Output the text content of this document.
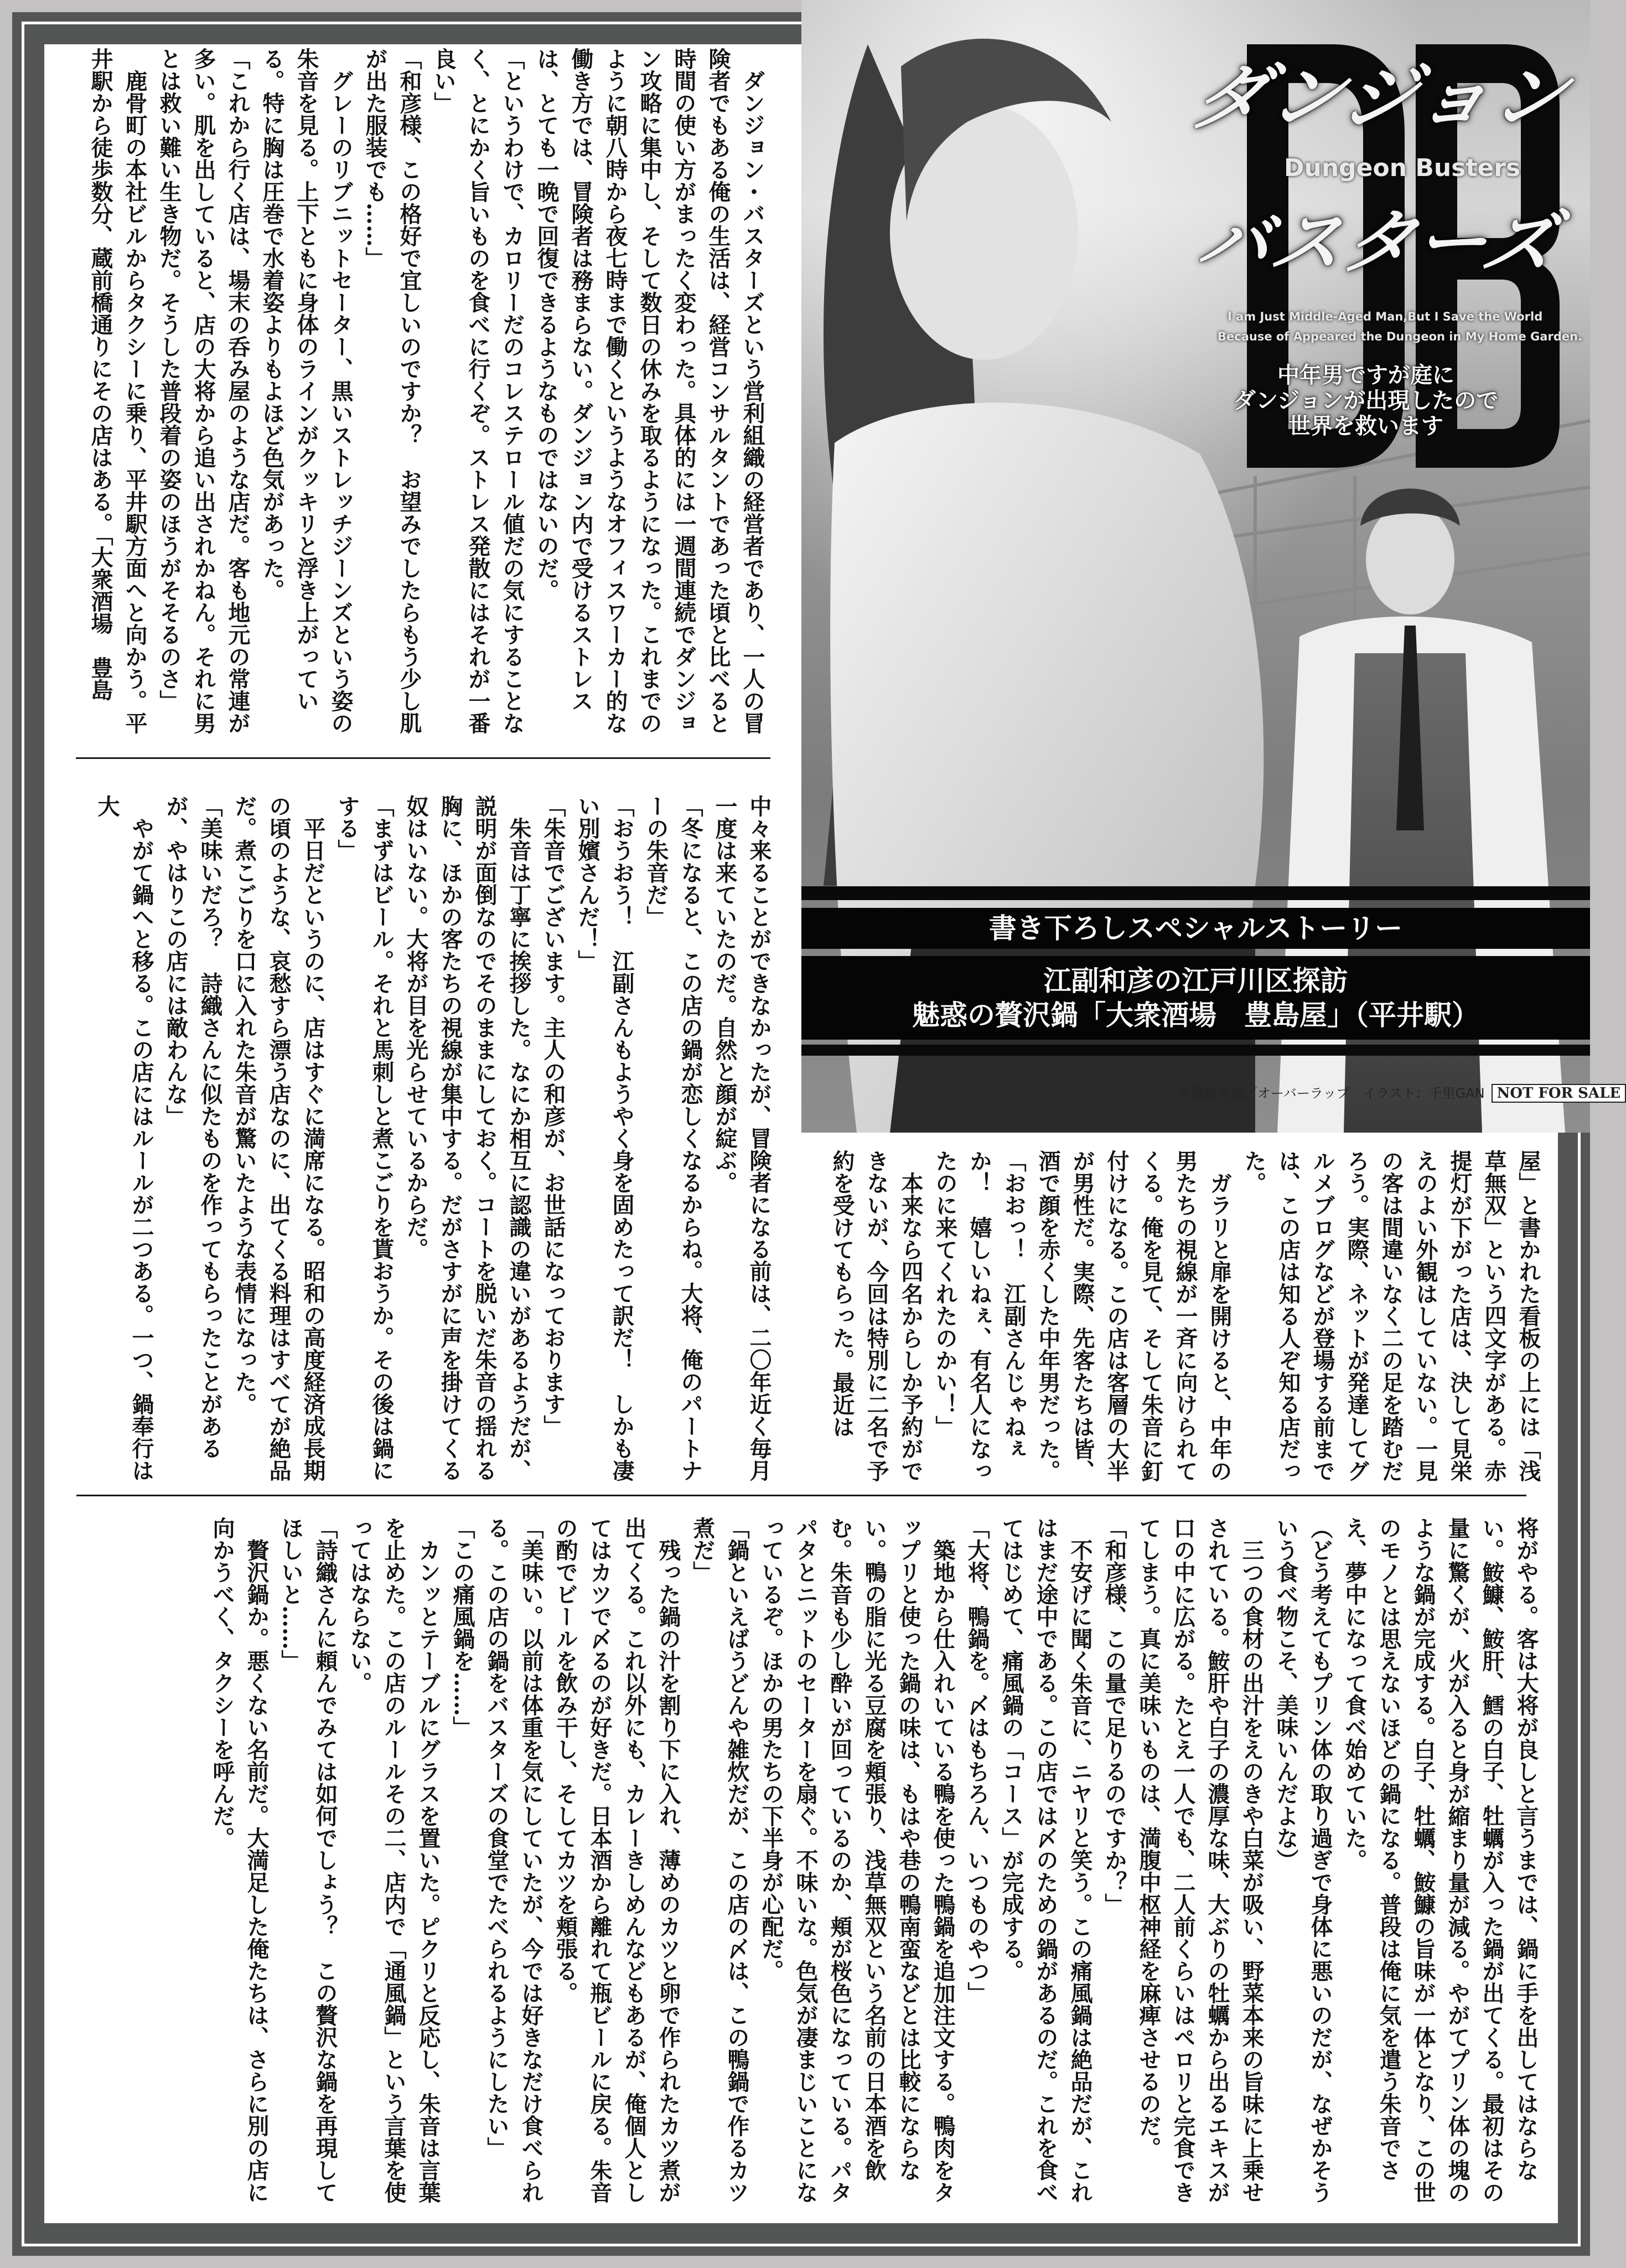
　ダンジョン・バスターズという営利組織の経営者であり、一人の冒険者でもある俺の生活は、経営コンサルタントであった頃と比べると時間の使い方がまったく変わった。具体的には一週間連続でダンジョン攻略に集中し、そして数日の休みを取るようになった。これまでのように朝八時から夜七時まで働くというようなオフィスワーカー的な働き方では、冒険者は務まらない。ダンジョン内で受けるストレスは、とても一晩で回復できるようなものではないのだ。

「というわけで、カロリーだのコレステロール値だの気にすることなく、とにかく旨いものを食べに行くぞ。ストレス発散にはそれが一番良い」

「和彦様、この格好で宜しいのですか？　お望みでしたらもう少し肌が出た服装でも……」

　グレーのリブニットセーター、黒いストレッチジーンズという姿の朱音を見る。上下ともに身体のラインがクッキリと浮き上がっている。特に胸は圧巻で水着姿よりもよほど色気があった。

「これから行く店は、場末の呑み屋のような店だ。客も地元の常連が多い。肌を出していると、店の大将から追い出されかねん。それに男とは救い難い生き物だ。そうした普段着の姿のほうがそそるのさ」

　鹿骨町の本社ビルからタクシーに乗り、平井駅方面へと向かう。平井駅から徒歩数分、蔵前橋通りにその店はある。「大衆酒場　豊島

屋」と書かれた看板の上には「浅草無双」という四文字がある。赤提灯が下がった店は、決して見栄えのよい外観はしていない。一見の客は間違いなく二の足を踏むだろう。実際、ネットが発達してグルメブログなどが登場する前までは、この店は知る人ぞ知る店だった。

　ガラリと扉を開けると、中年の男たちの視線が一斉に向けられてくる。俺を見て、そして朱音に釘付けになる。この店は客層の大半が男性だ。実際、先客たちは皆、酒で顔を赤くした中年男だった。

「おおっ！　江副さんじゃねぇか！　嬉しいねぇ、有名人になったのに来てくれたのかい！」

　本来なら四名からしか予約ができないが、今回は特別に二名で予約を受けてもらった。最近は

中々来ることができなかったが、冒険者になる前は、二〇年近く毎月一度は来ていたのだ。自然と顔が綻ぶ。

「冬になると、この店の鍋が恋しくなるからね。大将、俺のパートナーの朱音だ」

「おうおう！　江副さんもようやく身を固めたって訳だ！　しかも凄い別嬪さんだ！」

「朱音でございます。主人の和彦が、お世話になっております」

　朱音は丁寧に挨拶した。なにか相互に認識の違いがあるようだが、説明が面倒なのでそのままにしておく。コートを脱いだ朱音の揺れる胸に、ほかの客たちの視線が集中する。だがさすがに声を掛けてくる奴はいない。大将が目を光らせているからだ。

「まずはビール。それと馬刺しと煮こごりを貰おうか。その後は鍋にする」

　平日だというのに、店はすぐに満席になる。昭和の高度経済成長期の頃のような、哀愁すら漂う店なのに、出てくる料理はすべてが絶品だ。煮こごりを口に入れた朱音が驚いたような表情になった。

「美味いだろ？　詩織さんに似たものを作ってもらったことがあるが、やはりこの店には敵わんな」

　やがて鍋へと移る。この店にはルールが二つある。一つ、鍋奉行は大

将がやる。客は大将が良しと言うまでは、鍋に手を出してはならない。鮟鱇、鮟肝、鱈の白子、牡蠣が入った鍋が出てくる。最初はその量に驚くが、火が入ると身が縮まり量が減る。やがてプリン体の塊のような鍋が完成する。白子、牡蠣、鮟鱇の旨味が一体となり、この世のモノとは思えないほどの鍋になる。普段は俺に気を遣う朱音でさえ、夢中になって食べ始めていた。

（どう考えてもプリン体の取り過ぎで身体に悪いのだが、なぜかそういう食べ物こそ、美味いんだよな）

　三つの食材の出汁をえのきや白菜が吸い、野菜本来の旨味に上乗せされている。鮟肝や白子の濃厚な味、大ぶりの牡蠣から出るエキスが口の中に広がる。たとえ一人でも、二人前くらいはペロリと完食できてしまう。真に美味いものは、満腹中枢神経を麻痺させるのだ。

「和彦様、この量で足りるのですか？」

　不安げに聞く朱音に、ニヤリと笑う。この痛風鍋は絶品だが、これはまだ途中である。この店では〆のための鍋があるのだ。これを食べてはじめて、痛風鍋の「コース」が完成する。

「大将、鴨鍋を。〆はもちろん、いつものやつ」

　築地から仕入れいている鴨を使った鴨鍋を追加注文する。鴨肉をタップリと使った鍋の味は、もはや巷の鴨南蛮などとは比較にならない。鴨の脂に光る豆腐を頬張り、浅草無双という名前の日本酒を飲む。朱音も少し酔いが回っているのか、頬が桜色になっている。パタパタとニットのセーターを扇ぐ。不味いな。色気が凄まじいことになっているぞ。ほかの男たちの下半身が心配だ。

「鍋といえばうどんや雑炊だが、この店の〆は、この鴨鍋で作るカツ煮だ」

　残った鍋の汁を割り下に入れ、薄めのカツと卵で作られたカツ煮が出てくる。これ以外にも、カレーきしめんなどもあるが、俺個人としてはカツで〆るのが好きだ。日本酒から離れて瓶ビールに戻る。朱音の酌でビールを飲み干し、そしてカツを頬張る。

「美味い。以前は体重を気にしていたが、今では好きなだけ食べられる。この店の鍋をバスターズの食堂でたべられるようにしたい」

「この痛風鍋を……」

　カンッとテーブルにグラスを置いた。ピクリと反応し、朱音は言葉を止めた。この店のルールその二、店内で「通風鍋」という言葉を使ってはならない。

「詩織さんに頼んでみては如何でしょう？　この贅沢な鍋を再現してほしいと……」

　贅沢鍋か。悪くない名前だ。大満足した俺たちは、さらに別の店に向かうべく、タクシーを呼んだ。

ダンジョン
Dungeon Busters
バスターズ
I am Just Middle-Aged Man,But I Save the World
Because of Appeared the Dungeon in My Home Garden.
中年男ですが庭に
ダンジョンが出現したので
世界を救います
書き下ろしスペシャルストーリー
江副和彦の江戸川区探訪
魅惑の贅沢鍋「大衆酒場　豊島屋」（平井駅）
©篠崎冬馬／オーバーラップ　イラスト：千里GAN NOT FOR SALE
